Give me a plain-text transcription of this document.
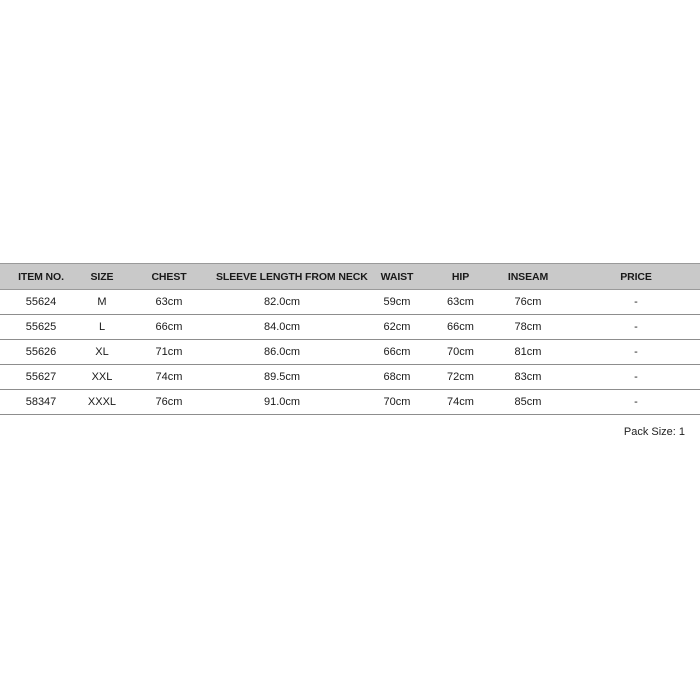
ITEM NO.	SIZE	CHEST	SLEEVE LENGTH FROM NECK	WAIST	HIP	INSEAM	PRICE
55624	M	63cm	82.0cm	59cm	63cm	76cm	-
55625	L	66cm	84.0cm	62cm	66cm	78cm	-
55626	XL	71cm	86.0cm	66cm	70cm	81cm	-
55627	XXL	74cm	89.5cm	68cm	72cm	83cm	-
58347	XXXL	76cm	91.0cm	70cm	74cm	85cm	-
Pack Size: 1
